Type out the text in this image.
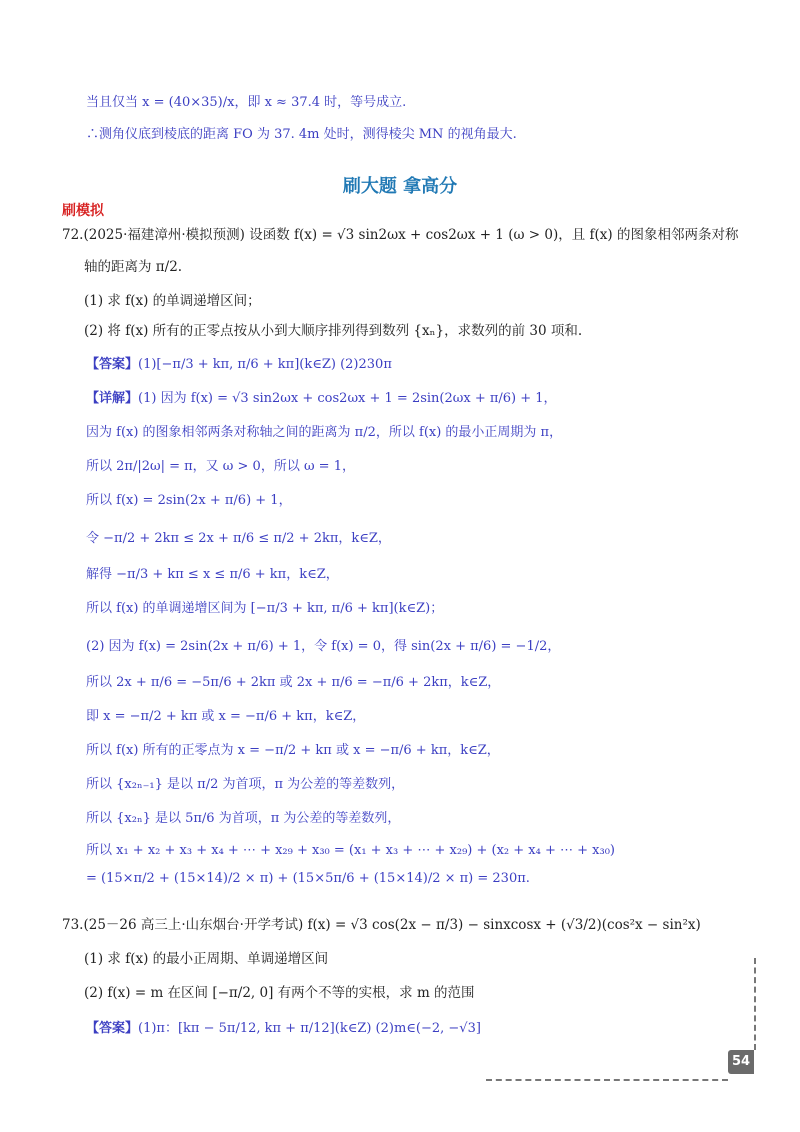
当且仅当 x = (40×35)/x，即 x ≈ 37.4 时，等号成立.
∴测角仪底到棱底的距离 FO 为 37. 4m 处时，测得棱尖 MN 的视角最大.
刷大题 拿高分
刷模拟
72.(2025·福建漳州·模拟预测) 设函数 f(x) = √3 sin2ωx + cos2ωx + 1 (ω > 0)，且 f(x) 的图象相邻两条对称
轴的距离为 π/2.
(1) 求 f(x) 的单调递增区间；
(2) 将 f(x) 所有的正零点按从小到大顺序排列得到数列 {xₙ}，求数列的前 30 项和.
【答案】(1)[−π/3 + kπ, π/6 + kπ](k∈Z) (2)230π
【详解】(1) 因为 f(x) = √3 sin2ωx + cos2ωx + 1 = 2sin(2ωx + π/6) + 1，
因为 f(x) 的图象相邻两条对称轴之间的距离为 π/2，所以 f(x) 的最小正周期为 π，
所以 2π/|2ω| = π，又 ω > 0，所以 ω = 1，
所以 f(x) = 2sin(2x + π/6) + 1，
令 −π/2 + 2kπ ≤ 2x + π/6 ≤ π/2 + 2kπ，k∈Z，
解得 −π/3 + kπ ≤ x ≤ π/6 + kπ，k∈Z，
所以 f(x) 的单调递增区间为 [−π/3 + kπ, π/6 + kπ](k∈Z)；
(2) 因为 f(x) = 2sin(2x + π/6) + 1，令 f(x) = 0，得 sin(2x + π/6) = −1/2，
所以 2x + π/6 = −5π/6 + 2kπ 或 2x + π/6 = −π/6 + 2kπ，k∈Z，
即 x = −π/2 + kπ 或 x = −π/6 + kπ，k∈Z，
所以 f(x) 所有的正零点为 x = −π/2 + kπ 或 x = −π/6 + kπ，k∈Z，
所以 {x₂ₙ₋₁} 是以 π/2 为首项，π 为公差的等差数列，
所以 {x₂ₙ} 是以 5π/6 为首项，π 为公差的等差数列，
所以 x₁ + x₂ + x₃ + x₄ + ⋯ + x₂₉ + x₃₀ = (x₁ + x₃ + ⋯ + x₂₉) + (x₂ + x₄ + ⋯ + x₃₀)
= (15×π/2 + (15×14)/2 × π) + (15×5π/6 + (15×14)/2 × π) = 230π.
73.(25－26 高三上·山东烟台·开学考试) f(x) = √3 cos(2x − π/3) − sinxcosx + (√3/2)(cos²x − sin²x)
(1) 求 f(x) 的最小正周期、单调递增区间
(2) f(x) = m 在区间 [−π/2, 0] 有两个不等的实根，求 m 的范围
【答案】(1)π：[kπ − 5π/12, kπ + π/12](k∈Z) (2)m∈(−2, −√3]
54
